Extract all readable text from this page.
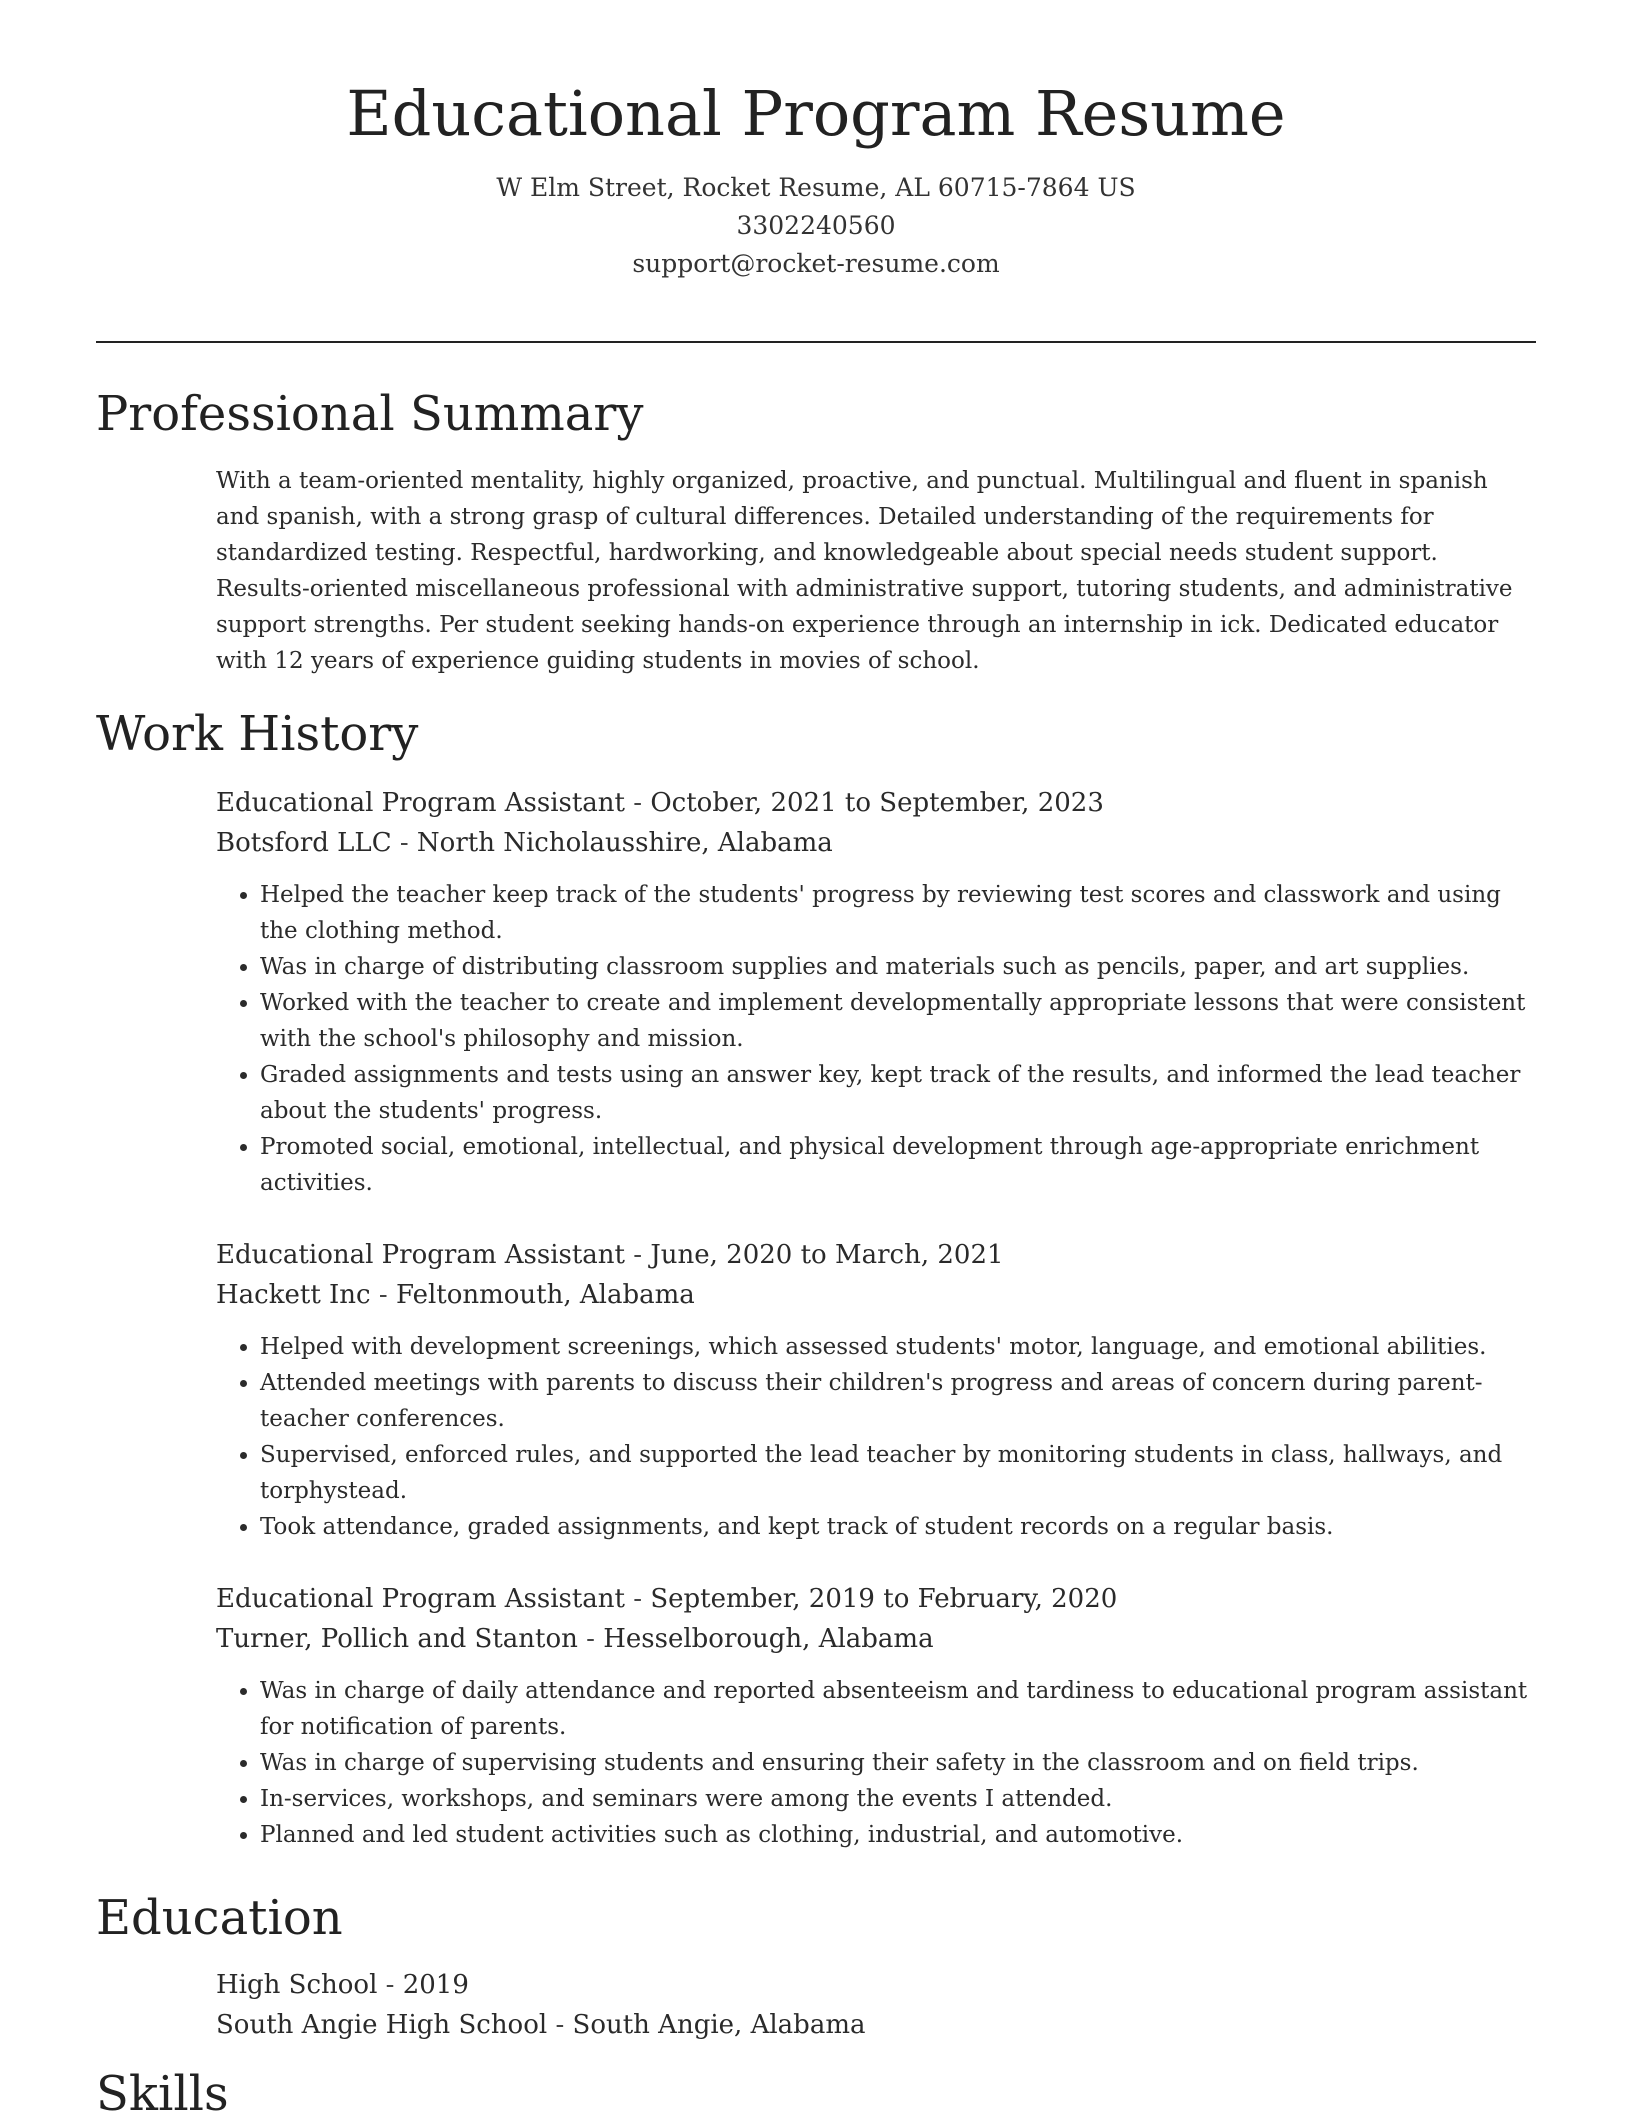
Educational Program Resume
W Elm Street, Rocket Resume, AL 60715-7864 US
3302240560
support@rocket-resume.com
Professional Summary

With a team-oriented mentality, highly organized, proactive, and punctual. Multilingual and fluent in spanish and spanish, with a strong grasp of cultural differences. Detailed understanding of the requirements for standardized testing. Respectful, hardworking, and knowledgeable about special needs student support. Results-oriented miscellaneous professional with administrative support, tutoring students, and administrative support strengths. Per student seeking hands-on experience through an internship in ick. Dedicated educator with 12 years of experience guiding students in movies of school.

Work History
Educational Program Assistant - October, 2021 to September, 2023
Botsford LLC - North Nicholausshire, Alabama
• Helped the teacher keep track of the students' progress by reviewing test scores and classwork and using the clothing method.
• Was in charge of distributing classroom supplies and materials such as pencils, paper, and art supplies.
• Worked with the teacher to create and implement developmentally appropriate lessons that were consistent with the school's philosophy and mission.
• Graded assignments and tests using an answer key, kept track of the results, and informed the lead teacher about the students' progress.
• Promoted social, emotional, intellectual, and physical development through age-appropriate enrichment activities.
Educational Program Assistant - June, 2020 to March, 2021
Hackett Inc - Feltonmouth, Alabama
• Helped with development screenings, which assessed students' motor, language, and emotional abilities.
• Attended meetings with parents to discuss their children's progress and areas of concern during parent-teacher conferences.
• Supervised, enforced rules, and supported the lead teacher by monitoring students in class, hallways, and torphystead.
• Took attendance, graded assignments, and kept track of student records on a regular basis.
Educational Program Assistant - September, 2019 to February, 2020
Turner, Pollich and Stanton - Hesselborough, Alabama
• Was in charge of daily attendance and reported absenteeism and tardiness to educational program assistant for notification of parents.
• Was in charge of supervising students and ensuring their safety in the classroom and on field trips.
• In-services, workshops, and seminars were among the events I attended.
• Planned and led student activities such as clothing, industrial, and automotive.
Education
High School - 2019
South Angie High School - South Angie, Alabama
Skills
